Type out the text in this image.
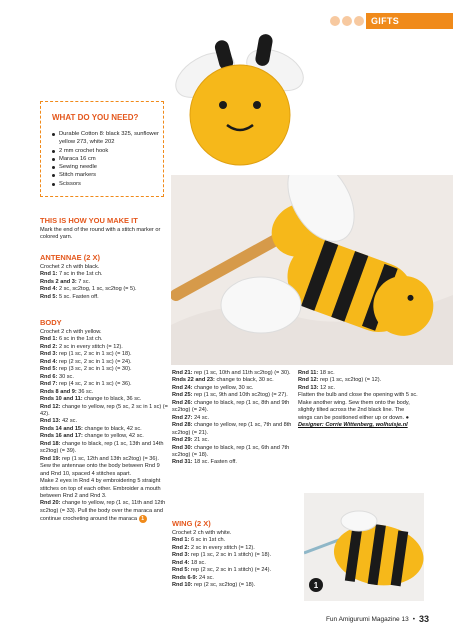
GIFTS
WHAT DO YOU NEED?
Durable Cotton 8: black 325, sunflower yellow 273, white 202
2 mm crochet hook
Maraca 16 cm
Sewing needle
Stitch markers
Scissors
THIS IS HOW YOU MAKE IT
Mark the end of the round with a stitch marker or colored yarn.
ANTENNAE (2 X)

Crochet 2 ch with black.

Rnd 1: 7 sc in the 1st ch.

Rnds 2 and 3: 7 sc.

Rnd 4: 2 sc, sc2tog, 1 sc, sc2tog (= 5).

Rnd 5: 5 sc. Fasten off.

BODY

Crochet 2 ch with yellow.

Rnd 1: 6 sc in the 1st ch.

Rnd 2: 2 sc in every stitch (= 12).

Rnd 3: rep (1 sc, 2 sc in 1 sc) (= 18).

Rnd 4: rep (2 sc, 2 sc in 1 sc) (= 24).

Rnd 5: rep (3 sc, 2 sc in 1 sc) (= 30).

Rnd 6: 30 sc.

Rnd 7: rep (4 sc, 2 sc in 1 sc) (= 36).

Rnds 8 and 9: 36 sc.

Rnds 10 and 11: change to black, 36 sc.

Rnd 12: change to yellow, rep (5 sc, 2 sc in 1 sc) (= 42).

Rnd 13: 42 sc.

Rnds 14 and 15: change to black, 42 sc.

Rnds 16 and 17: change to yellow, 42 sc.

Rnd 18: change to black, rep (1 sc, 13th and 14th sc2tog) (= 39).

Rnd 19: rep (1 sc, 12th and 13th sc2tog) (= 36).

Sew the antennae onto the body between Rnd 9 and Rnd 10, spaced 4 stitches apart.

Make 2 eyes in Rnd 4 by embroidering 5 straight stitches on top of each other. Embroider a mouth between Rnd 2 and Rnd 3.

Rnd 20: change to yellow, rep (1 sc, 11th and 12th sc2tog) (= 33). Pull the body over the maraca and continue crocheting around the maraca 1

Rnd 21: rep (1 sc, 10th and 11th sc2tog) (= 30).

Rnds 22 and 23: change to black, 30 sc.

Rnd 24: change to yellow, 30 sc.

Rnd 25: rep (1 sc, 9th and 10th sc2tog) (= 27).

Rnd 26: change to black, rep (1 sc, 8th and 9th sc2tog) (= 24).

Rnd 27: 24 sc.

Rnd 28: change to yellow, rep (1 sc, 7th and 8th sc2tog) (= 21).

Rnd 29: 21 sc.

Rnd 30: change to black, rep (1 sc, 6th and 7th sc2tog) (= 18).

Rnd 31: 18 sc. Fasten off.

WING (2 X)

Crochet 2 ch with white.

Rnd 1: 6 sc in 1st ch.

Rnd 2: 2 sc in every stitch (= 12).

Rnd 3: rep (1 sc, 2 sc in 1 stitch) (= 18).

Rnd 4: 18 sc.

Rnd 5: rep (2 sc, 2 sc in 1 stitch) (= 24).

Rnds 6-9: 24 sc.

Rnd 10: rep (2 sc, sc2tog) (= 18).

Rnd 11: 18 sc.

Rnd 12: rep (1 sc, sc2tog) (= 12).

Rnd 13: 12 sc.

Flatten the bulb and close the opening with 5 sc. Make another wing. Sew them onto the body, slightly tilted across the 2nd black line. The wings can be positioned either up or down. ●

Designer: Corrie Wittenberg, wolhuisje.nl

1
Fun Amigurumi Magazine 13 • 33
